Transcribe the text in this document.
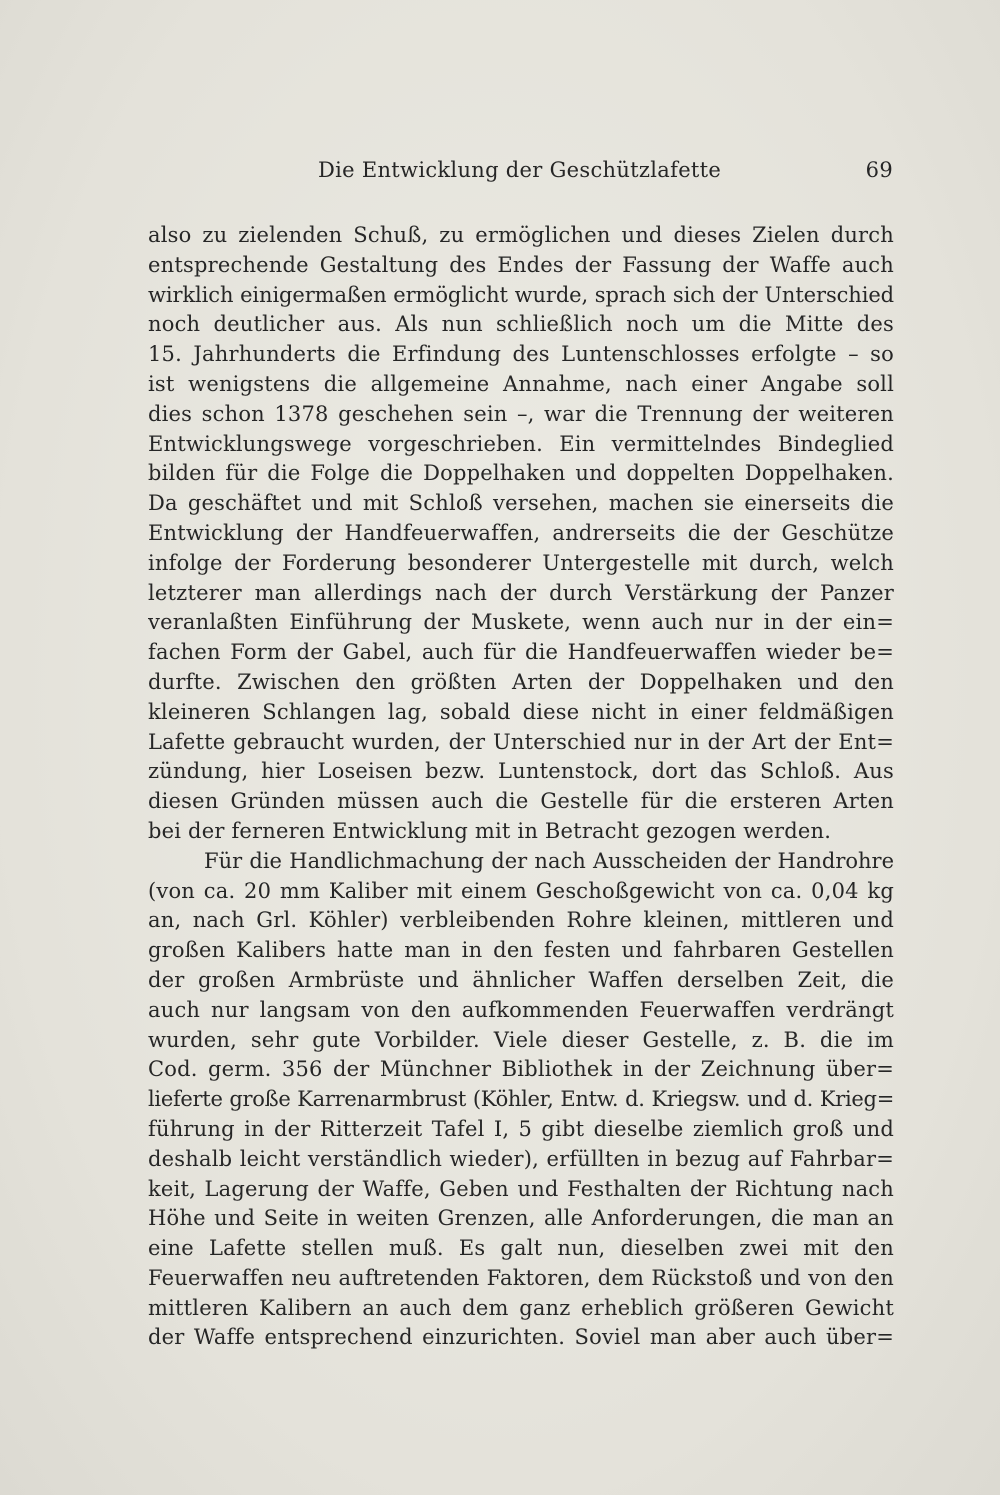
Die Entwicklung der Geschützlafette	69
also zu zielenden Schuß, zu ermöglichen und dieses Zielen durch
entsprechende Gestaltung des Endes der Fassung der Waffe auch
wirklich einigermaßen ermöglicht wurde, sprach sich der Unterschied
noch deutlicher aus. Als nun schließlich noch um die Mitte des
15. Jahrhunderts die Erfindung des Luntenschlosses erfolgte – so
ist wenigstens die allgemeine Annahme, nach einer Angabe soll
dies schon 1378 geschehen sein –, war die Trennung der weiteren
Entwicklungswege vorgeschrieben. Ein vermittelndes Bindeglied
bilden für die Folge die Doppelhaken und doppelten Doppelhaken.
Da geschäftet und mit Schloß versehen, machen sie einerseits die
Entwicklung der Handfeuerwaffen, andrerseits die der Geschütze
infolge der Forderung besonderer Untergestelle mit durch, welch
letzterer man allerdings nach der durch Verstärkung der Panzer
veranlaßten Einführung der Muskete, wenn auch nur in der ein=
fachen Form der Gabel, auch für die Handfeuerwaffen wieder be=
durfte. Zwischen den größten Arten der Doppelhaken und den
kleineren Schlangen lag, sobald diese nicht in einer feldmäßigen
Lafette gebraucht wurden, der Unterschied nur in der Art der Ent=
zündung, hier Loseisen bezw. Luntenstock, dort das Schloß. Aus
diesen Gründen müssen auch die Gestelle für die ersteren Arten
bei der ferneren Entwicklung mit in Betracht gezogen werden.
Für die Handlichmachung der nach Ausscheiden der Handrohre
(von ca. 20 mm Kaliber mit einem Geschoßgewicht von ca. 0,04 kg
an, nach Grl. Köhler) verbleibenden Rohre kleinen, mittleren und
großen Kalibers hatte man in den festen und fahrbaren Gestellen
der großen Armbrüste und ähnlicher Waffen derselben Zeit, die
auch nur langsam von den aufkommenden Feuerwaffen verdrängt
wurden, sehr gute Vorbilder. Viele dieser Gestelle, z. B. die im
Cod. germ. 356 der Münchner Bibliothek in der Zeichnung über=
lieferte große Karrenarmbrust (Köhler, Entw. d. Kriegsw. und d. Krieg=
führung in der Ritterzeit Tafel I, 5 gibt dieselbe ziemlich groß und
deshalb leicht verständlich wieder), erfüllten in bezug auf Fahrbar=
keit, Lagerung der Waffe, Geben und Festhalten der Richtung nach
Höhe und Seite in weiten Grenzen, alle Anforderungen, die man an
eine Lafette stellen muß. Es galt nun, dieselben zwei mit den
Feuerwaffen neu auftretenden Faktoren, dem Rückstoß und von den
mittleren Kalibern an auch dem ganz erheblich größeren Gewicht
der Waffe entsprechend einzurichten. Soviel man aber auch über=
